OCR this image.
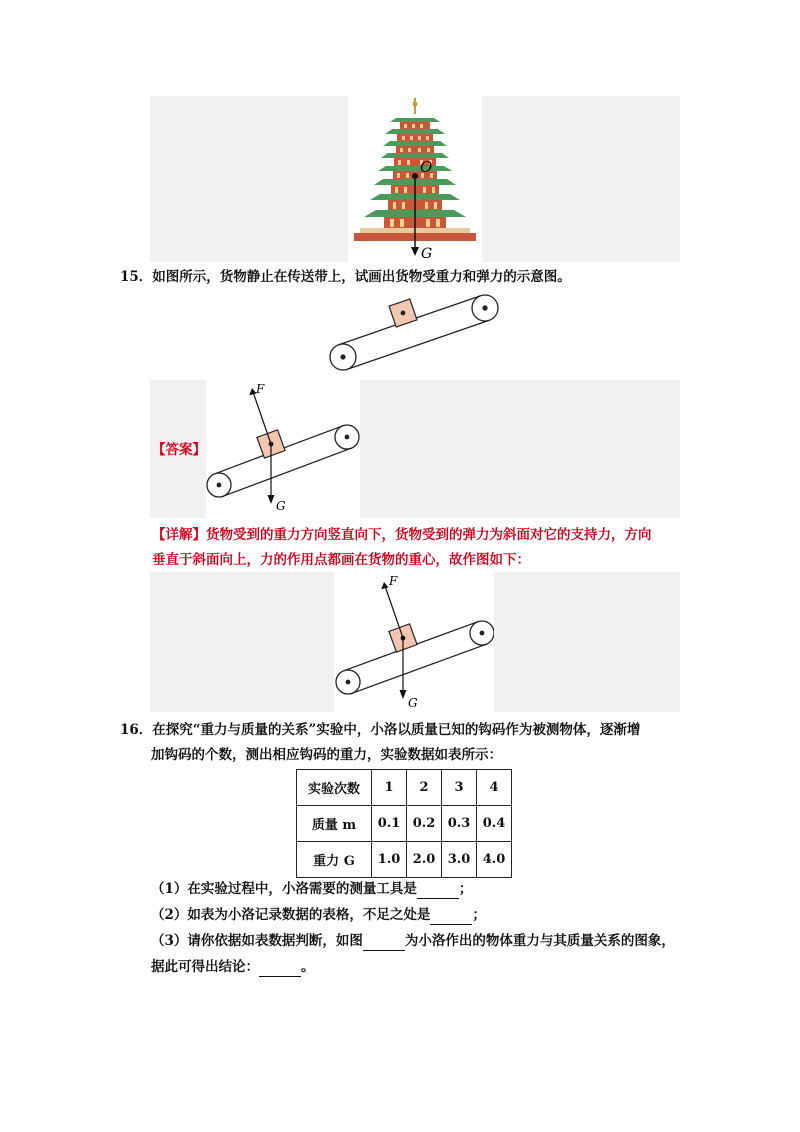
O
G
15．如图所示，货物静止在传送带上，试画出货物受重力和弹力的示意图。
【答案】
F
G
【详解】货物受到的重力方向竖直向下，货物受到的弹力为斜面对它的支持力，方向
垂直于斜面向上，力的作用点都画在货物的重心，故作图如下：
F
G
16．在探究“重力与质量的关系”实验中，小洛以质量已知的钩码作为被测物体，逐渐增
加钩码的个数，测出相应钩码的重力，实验数据如表所示：
实验次数	1	2	3	4
质量 m	0.1	0.2	0.3	0.4
重力 G	1.0	2.0	3.0	4.0
（1）在实验过程中，小洛需要的测量工具是	；
（2）如表为小洛记录数据的表格，不足之处是	；
（3）请你依据如表数据判断，如图	为小洛作出的物体重力与其质量关系的图象，
据此可得出结论：	。
